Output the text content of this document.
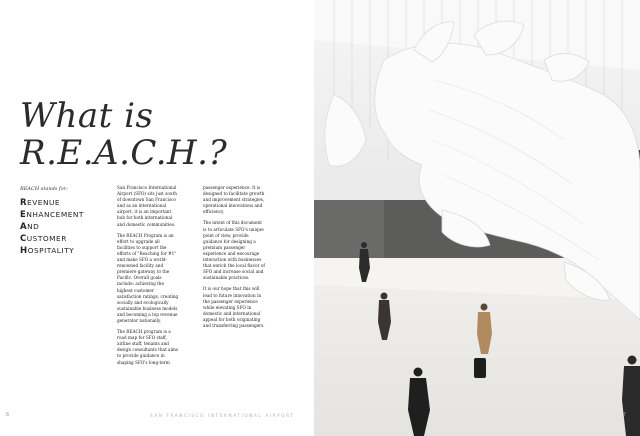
What is
R.E.A.C.H.?
REACH stands for:
REVENUE
ENHANCEMENT
AND
CUSTOMER
HOSPITALITY

San Francisco International Airport (SFO) sits just south of downtown San Francisco and as an international airport, it is an important hub for both international and domestic communities.

The REACH Program is an effort to upgrade all facilities to support the efforts of "Reaching for #1" and make SFO a world-renowned facility and premiere gateway to the Pacific. Overall goals include: achieving the highest customer satisfaction ratings, creating socially and ecologically sustainable business models and becoming a top revenue generator nationally.

The REACH program is a road map for SFO staff, airline staff, tenants and design consultants that aims to provide guidance in shaping SFO's long-term

passenger experience. It is designed to facilitate growth and improvement strategies, operational innovations and efficiency.

The intent of this document is to articulate SFO's unique point of view, provide guidance for designing a premium passenger experience and encourage interaction with businesses that enrich the local flavor of SFO and increase social and sustainable practices.

It is our hope that this will lead to future innovation in the passenger experience while elevating SFO in domestic and international appeal for both originating and transferring passengers.

6	SAN FRANCISCO INTERNATIONAL AIRPORT	7
